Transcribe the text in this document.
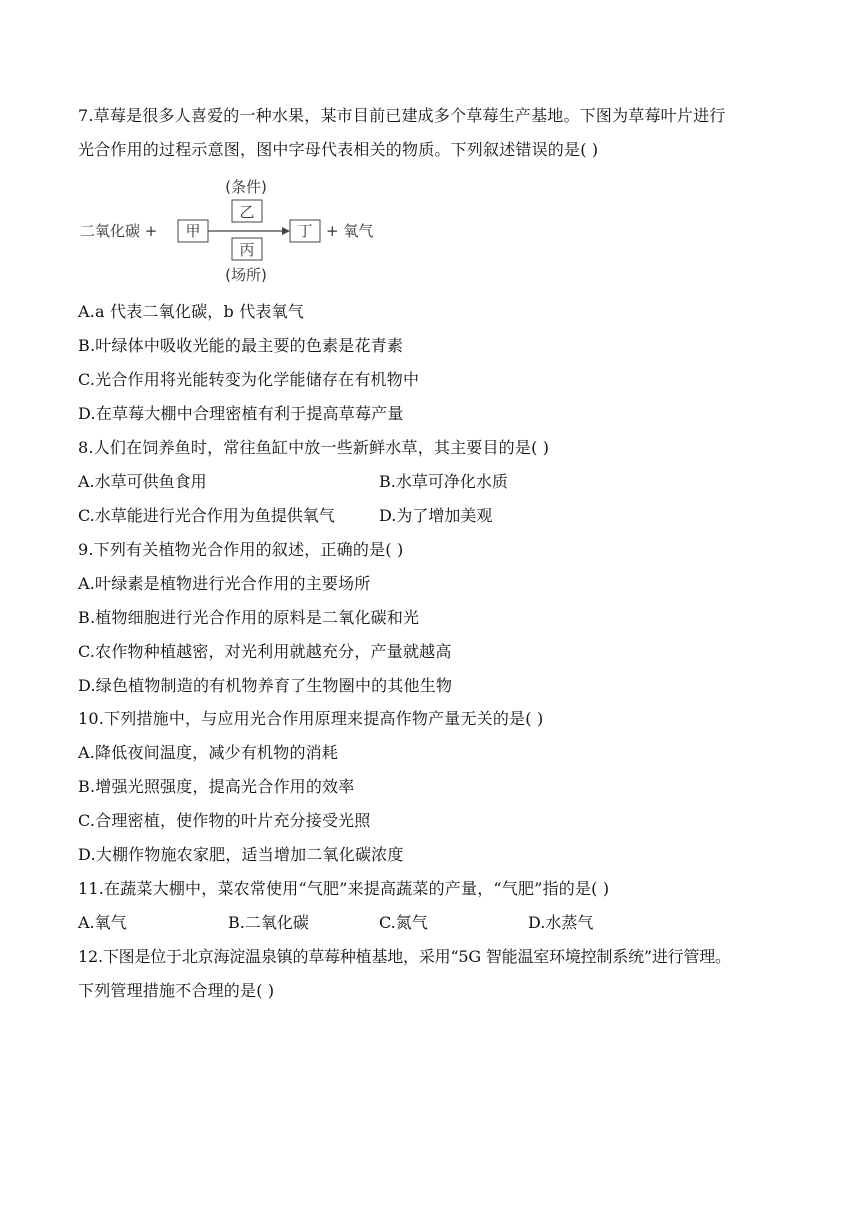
7.草莓是很多人喜爱的一种水果，某市目前已建成多个草莓生产基地。下图为草莓叶片进行
光合作用的过程示意图，图中字母代表相关的物质。下列叙述错误的是( )
(条件)
乙
二氧化碳 + 甲	丁 + 氧气
丙
(场所)
A.a 代表二氧化碳，b 代表氧气
B.叶绿体中吸收光能的最主要的色素是花青素
C.光合作用将光能转变为化学能储存在有机物中
D.在草莓大棚中合理密植有利于提高草莓产量
8.人们在饲养鱼时，常往鱼缸中放一些新鲜水草，其主要目的是( )
A.水草可供鱼食用	B.水草可净化水质
C.水草能进行光合作用为鱼提供氧气	D.为了增加美观
9.下列有关植物光合作用的叙述，正确的是( )
A.叶绿素是植物进行光合作用的主要场所
B.植物细胞进行光合作用的原料是二氧化碳和光
C.农作物种植越密，对光利用就越充分，产量就越高
D.绿色植物制造的有机物养育了生物圈中的其他生物
10.下列措施中，与应用光合作用原理来提高作物产量无关的是( )
A.降低夜间温度，减少有机物的消耗
B.增强光照强度，提高光合作用的效率
C.合理密植，使作物的叶片充分接受光照
D.大棚作物施农家肥，适当增加二氧化碳浓度
11.在蔬菜大棚中，菜农常使用“气肥”来提高蔬菜的产量，“气肥”指的是( )
A.氧气	B.二氧化碳	C.氮气	D.水蒸气
12.下图是位于北京海淀温泉镇的草莓种植基地，采用“5G 智能温室环境控制系统”进行管理。
下列管理措施不合理的是( )
